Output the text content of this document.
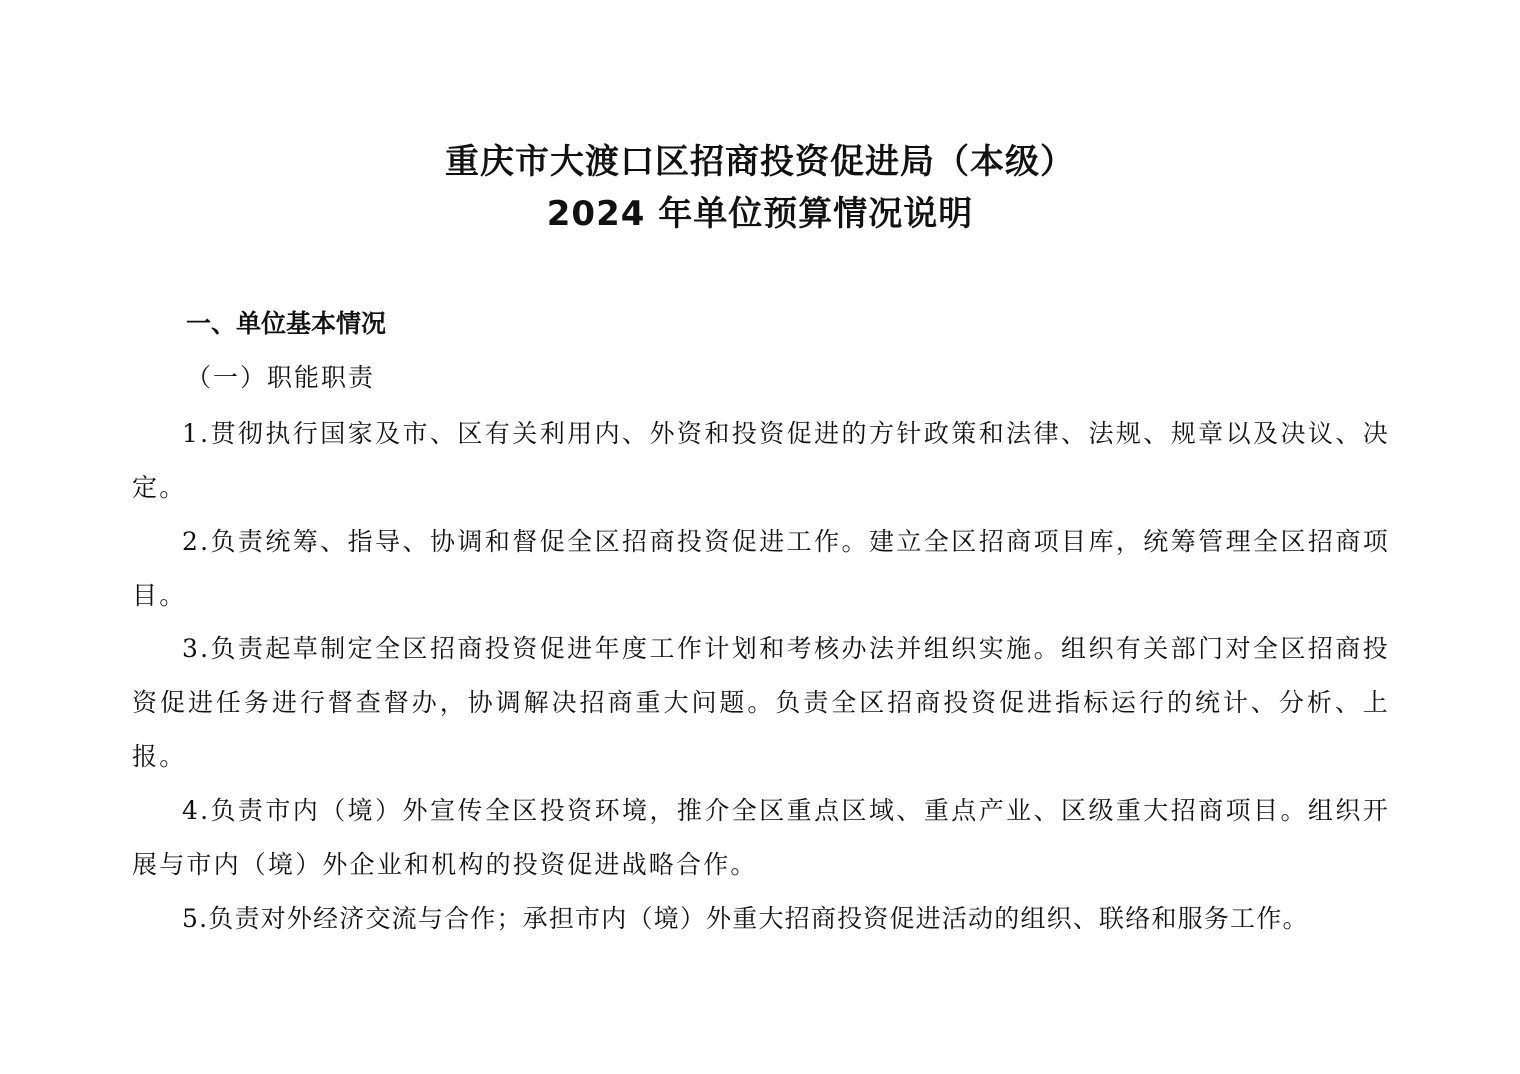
重庆市大渡口区招商投资促进局（本级）
2024 年单位预算情况说明
一、单位基本情况
（一）职能职责

1.贯彻执行国家及市、区有关利用内、外资和投资促进的方针政策和法律、法规、规章以及决议、决定。

2.负责统筹、指导、协调和督促全区招商投资促进工作。建立全区招商项目库，统筹管理全区招商项目。

3.负责起草制定全区招商投资促进年度工作计划和考核办法并组织实施。组织有关部门对全区招商投资促进任务进行督查督办，协调解决招商重大问题。负责全区招商投资促进指标运行的统计、分析、上报。

4.负责市内（境）外宣传全区投资环境，推介全区重点区域、重点产业、区级重大招商项目。组织开展与市内（境）外企业和机构的投资促进战略合作。

5.负责对外经济交流与合作；承担市内（境）外重大招商投资促进活动的组织、联络和服务工作。
